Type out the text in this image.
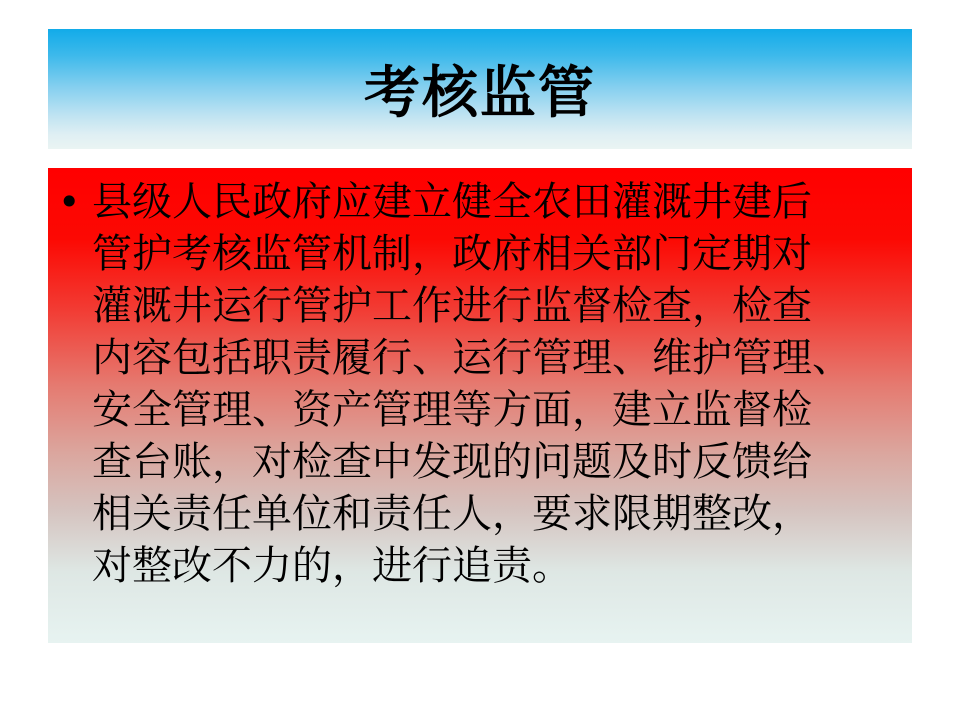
考核监管
• 县级人民政府应建立健全农田灌溉井建后
管护考核监管机制，政府相关部门定期对
灌溉井运行管护工作进行监督检查，检查
内容包括职责履行、运行管理、维护管理、
安全管理、资产管理等方面，建立监督检
查台账，对检查中发现的问题及时反馈给
相关责任单位和责任人，要求限期整改，
对整改不力的，进行追责。
